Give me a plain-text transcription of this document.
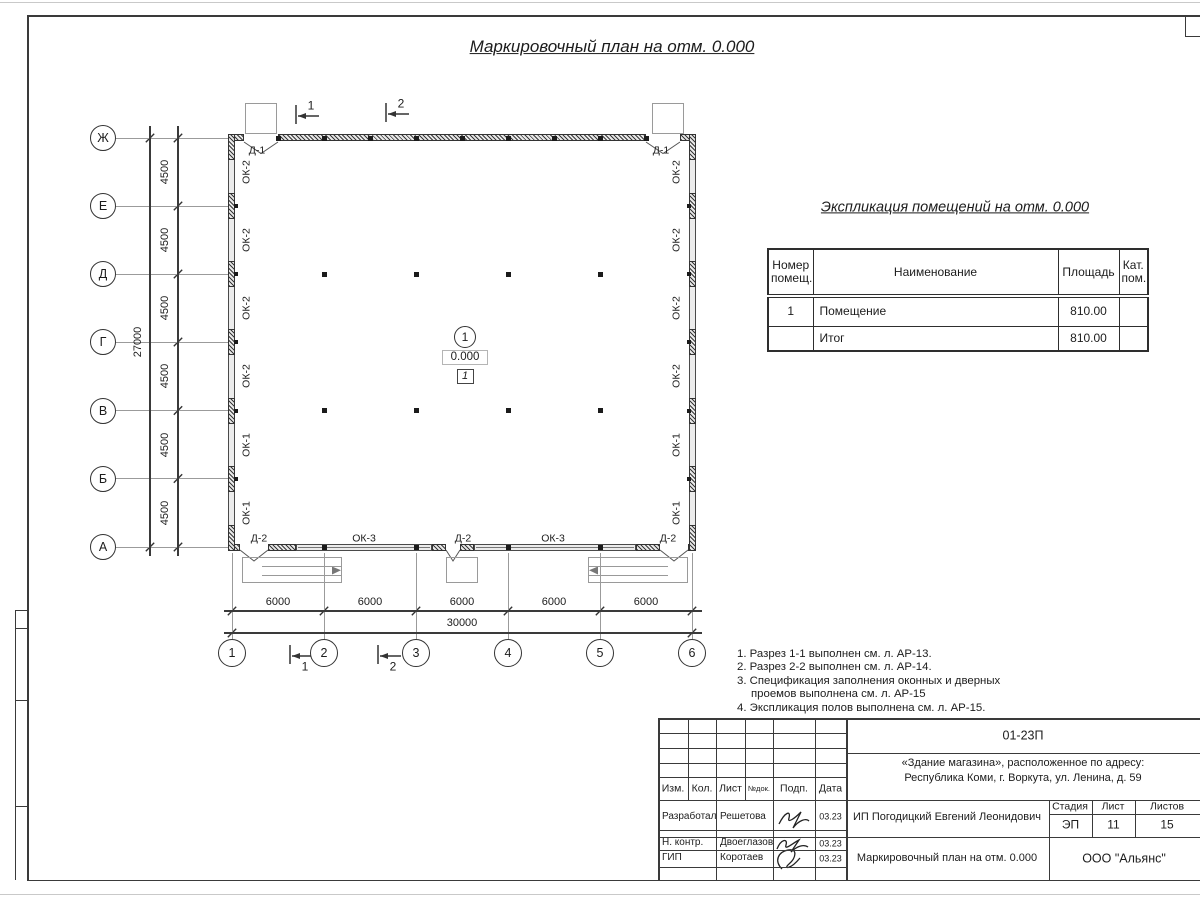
Маркировочный план на отм. 0.000
Экспликация помещений на отм. 0.000
Номер помещ.	Наименование	Площадь	Кат. пом.
1	Помещение	810.00	
	Итог	810.00	
1. Разрез 1-1 выполнен см. л. АР-13.
2. Разрез 2-2 выполнен см. л. АР-14.
3. Спецификация заполнения оконных и дверных
проемов выполнена см. л. АР-15
4. Экспликация полов выполнена см. л. АР-15.
4500
4500
4500
4500
4500
4500
27000
6000	6000	6000	6000	6000
30000
Ж
Е
Д
Г
В
Б
А
1	2	3	4	5	6
1	2
1	2
ОК-2	ОК-2
ОК-2	ОК-2
ОК-2	ОК-2
ОК-2	ОК-2
ОК-1	ОК-1
ОК-1	ОК-1
Д-1	Д-1
Д-2	ОК-3	Д-2	ОК-3	Д-2
1
0.000
1
01-23П
«Здание магазина», расположенное по адресу:
Республика Коми, г. Воркута, ул. Ленина, д. 59
Изм. Кол. Лист №док. Подп. Дата
Разработал Решетова	03.23
Н. контр. Двоеглазов	03.23
ГИП	Коротаев	03.23
ИП Погодицкий Евгений Леонидович
Маркировочный план на отм. 0.000
Стадия Лист Листов
ЭП 11	15
ООО "Альянс"
